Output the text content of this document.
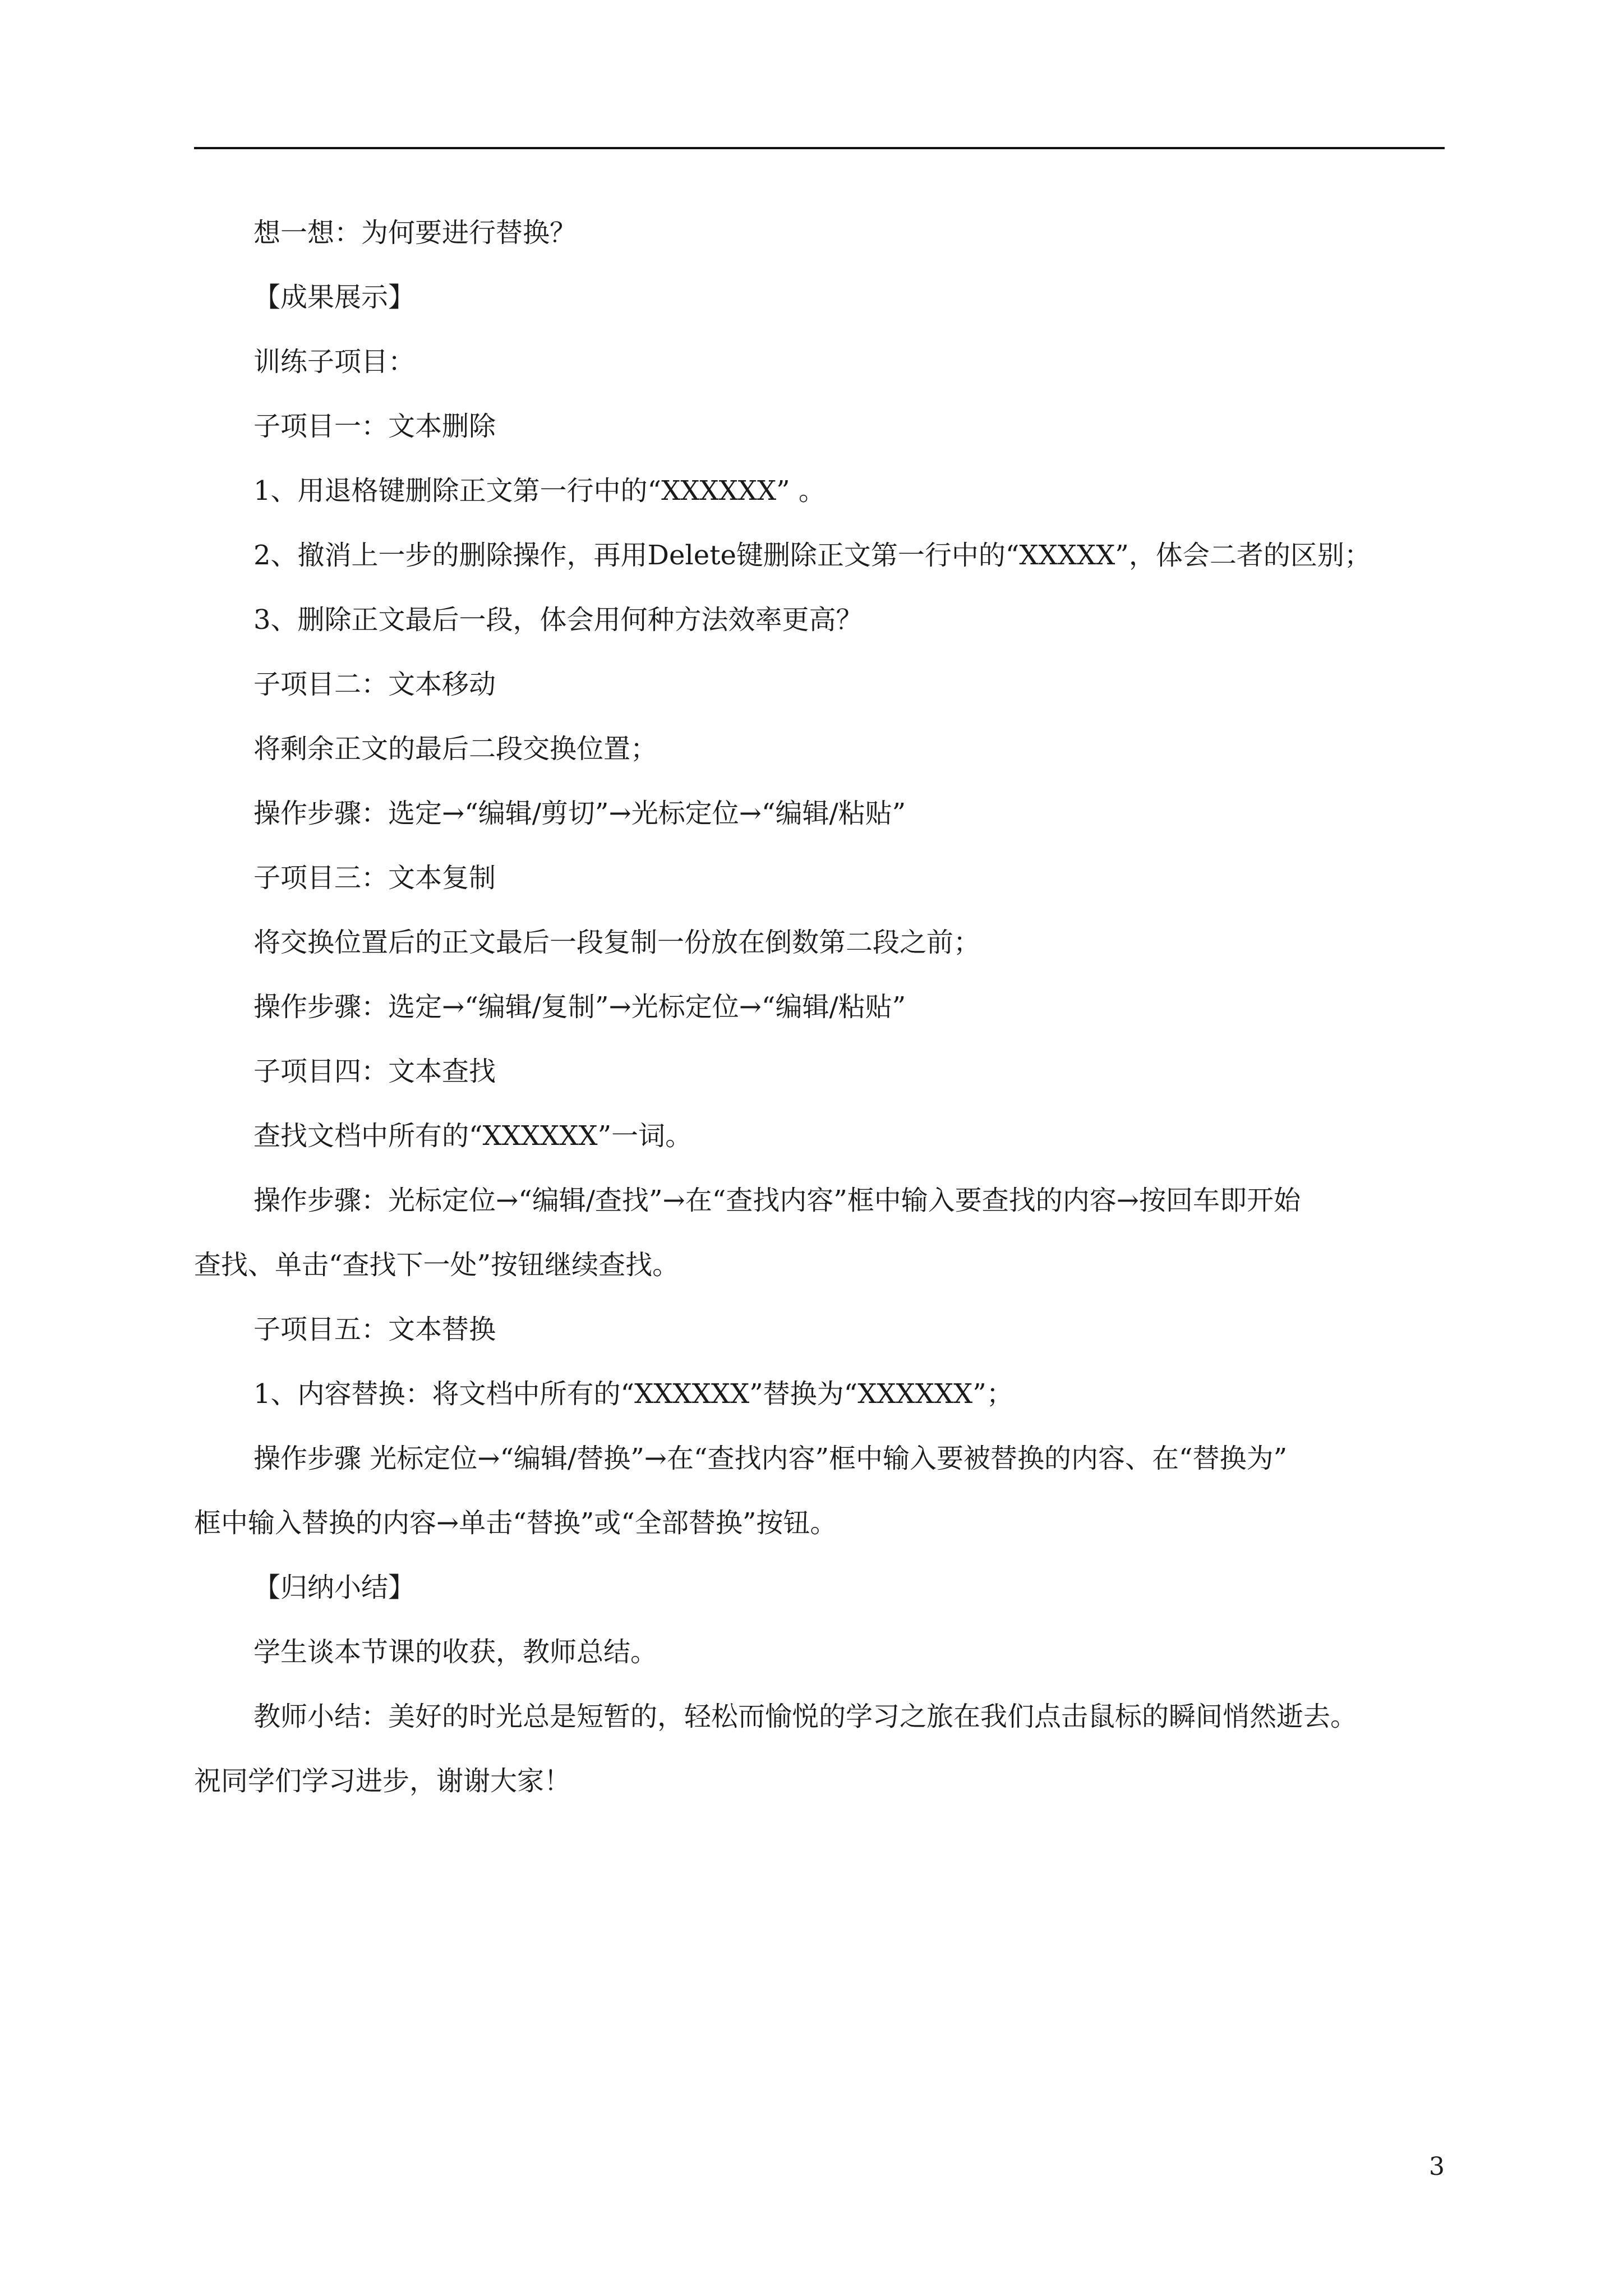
想一想：为何要进行替换？
【成果展示】
训练子项目：
子项目一：文本删除
1、用退格键删除正文第一行中的“XXXXXX” 。
2、撤消上一步的删除操作，再用Delete键删除正文第一行中的“XXXXX”，体会二者的区别；
3、删除正文最后一段，体会用何种方法效率更高？
子项目二：文本移动
将剩余正文的最后二段交换位置；
操作步骤：选定→“编辑/剪切”→光标定位→“编辑/粘贴”
子项目三：文本复制
将交换位置后的正文最后一段复制一份放在倒数第二段之前；
操作步骤：选定→“编辑/复制”→光标定位→“编辑/粘贴”
子项目四：文本查找
查找文档中所有的“XXXXXX”一词。
操作步骤：光标定位→“编辑/查找”→在“查找内容”框中输入要查找的内容→按回车即开始
查找、单击“查找下一处”按钮继续查找。
子项目五：文本替换
1、内容替换：将文档中所有的“XXXXXX”替换为“XXXXXX”；
操作步骤 光标定位→“编辑/替换”→在“查找内容”框中输入要被替换的内容、在“替换为”
框中输入替换的内容→单击“替换”或“全部替换”按钮。
【归纳小结】
学生谈本节课的收获，教师总结。
教师小结：美好的时光总是短暂的，轻松而愉悦的学习之旅在我们点击鼠标的瞬间悄然逝去。
祝同学们学习进步，谢谢大家！
3
